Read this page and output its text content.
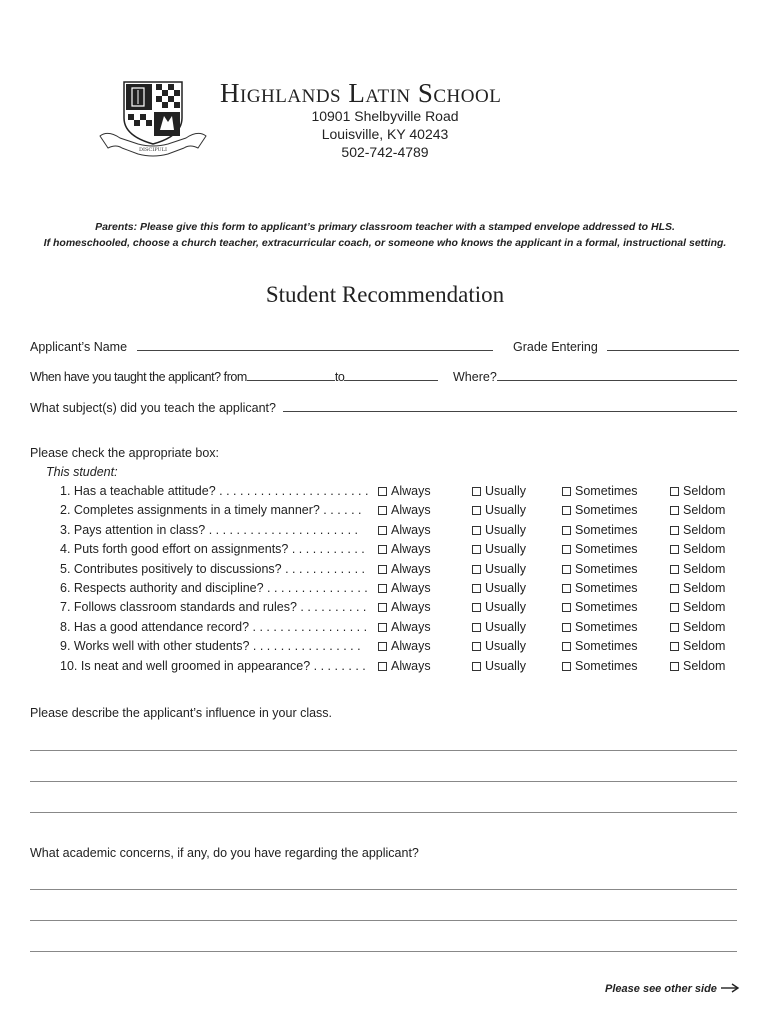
DISCIPULI
Highlands Latin School
10901 Shelbyville Road
Louisville, KY 40243
502-742-4789
Parents: Please give this form to applicant’s primary classroom teacher with a stamped envelope addressed to HLS.
If homeschooled, choose a church teacher, extracurricular coach, or someone who knows the applicant in a formal, instructional setting.
Student Recommendation
Applicant’s Name	Grade Entering
When have you taught the applicant? from	to	Where?
What subject(s) did you teach the applicant?
Please check the appropriate box:
This student:
1. Has a teachable attitude? . . . . . . . . . . . . . . . . . . . . . .	Always	Usually	Sometimes	Seldom
2. Completes assignments in a timely manner? . . . . . .	Always	Usually	Sometimes	Seldom
3. Pays attention in class? . . . . . . . . . . . . . . . . . . . . . .	Always	Usually	Sometimes	Seldom
4. Puts forth good effort on assignments? . . . . . . . . . . .	Always	Usually	Sometimes	Seldom
5. Contributes positively to discussions? . . . . . . . . . . . .	Always	Usually	Sometimes	Seldom
6. Respects authority and discipline? . . . . . . . . . . . . . . .	Always	Usually	Sometimes	Seldom
7. Follows classroom standards and rules? . . . . . . . . . .	Always	Usually	Sometimes	Seldom
8. Has a good attendance record? . . . . . . . . . . . . . . . . .	Always	Usually	Sometimes	Seldom
9. Works well with other students? . . . . . . . . . . . . . . . .	Always	Usually	Sometimes	Seldom
10. Is neat and well groomed in appearance? . . . . . . . .	Always	Usually	Sometimes	Seldom
Please describe the applicant’s influence in your class.
What academic concerns, if any, do you have regarding the applicant?
Please see other side
